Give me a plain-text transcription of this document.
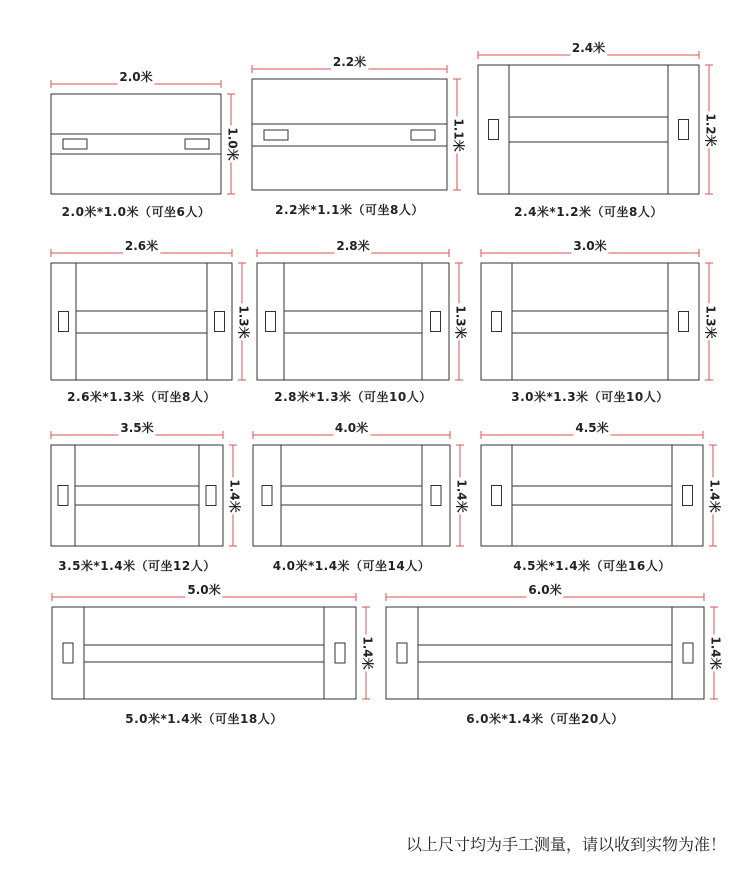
2.0米
1.0米
2.0米*1.0米（可坐6人）
2.2米
1.1米
2.2米*1.1米（可坐8人）
2.4米
1.2米
2.4米*1.2米（可坐8人）
2.6米
1.3米
2.6米*1.3米（可坐8人）
2.8米
1.3米
2.8米*1.3米（可坐10人）
3.0米
1.3米
3.0米*1.3米（可坐10人）
3.5米
1.4米
3.5米*1.4米（可坐12人）
4.0米
1.4米
4.0米*1.4米（可坐14人）
4.5米
1.4米
4.5米*1.4米（可坐16人）
5.0米
1.4米
5.0米*1.4米（可坐18人）
6.0米
1.4米
6.0米*1.4米（可坐20人）
以上尺寸均为手工测量，请以收到实物为准！
